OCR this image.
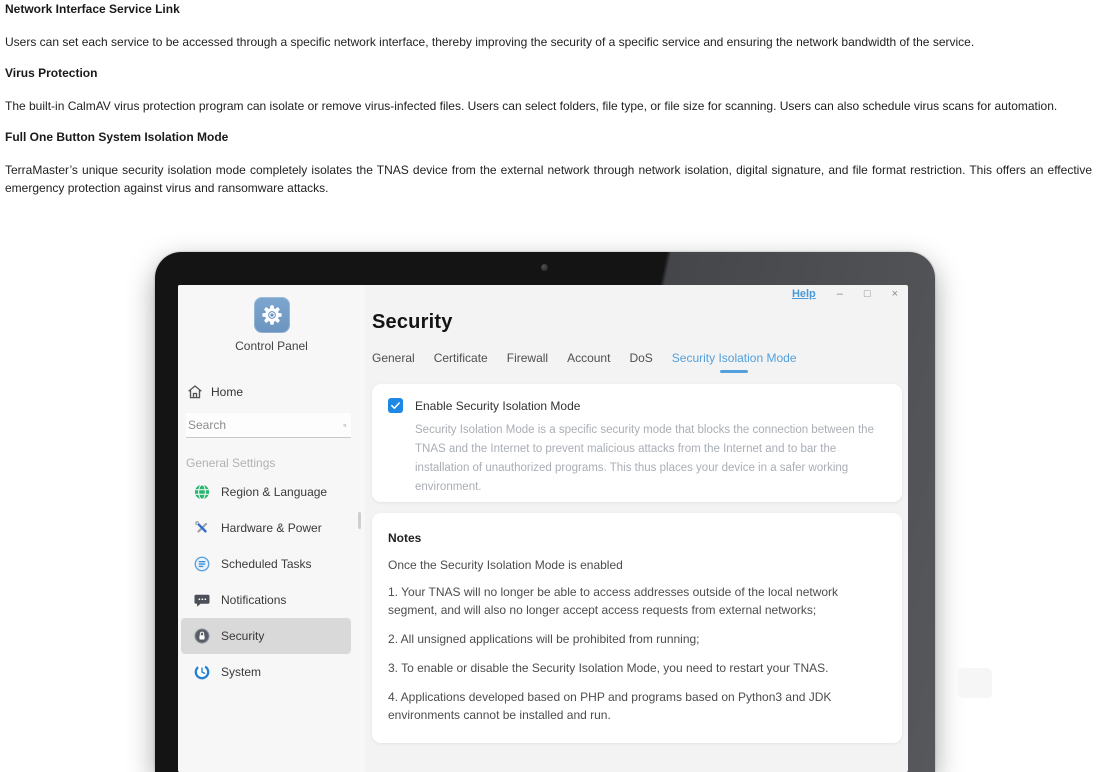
Network Interface Service Link

Users can set each service to be accessed through a specific network interface, thereby improving the security of a specific service and ensuring the network bandwidth of the service.

Virus Protection

The built-in CalmAV virus protection program can isolate or remove virus-infected files. Users can select folders, file type, or file size for scanning. Users can also schedule virus scans for automation.

Full One Button System Isolation Mode

TerraMaster’s unique security isolation mode completely isolates the TNAS device from the external network through network isolation, digital signature, and file format restriction. This offers an effective emergency protection against virus and ransomware attacks.

Help – □ ×
Control Panel
Home
Search
General Settings
Region & Language
Hardware & Power
Scheduled Tasks
Notifications
Security
System
Security
General Certificate Firewall Account DoS Security Isolation Mode
Enable Security Isolation Mode

Security Isolation Mode is a specific security mode that blocks the connection between the TNAS and the Internet to prevent malicious attacks from the Internet and to bar the installation of unauthorized programs. This thus places your device in a safer working environment.

Notes

Once the Security Isolation Mode is enabled

1. Your TNAS will no longer be able to access addresses outside of the local network segment, and will also no longer accept access requests from external networks;

2. All unsigned applications will be prohibited from running;

3. To enable or disable the Security Isolation Mode, you need to restart your TNAS.

4. Applications developed based on PHP and programs based on Python3 and JDK environments cannot be installed and run.
